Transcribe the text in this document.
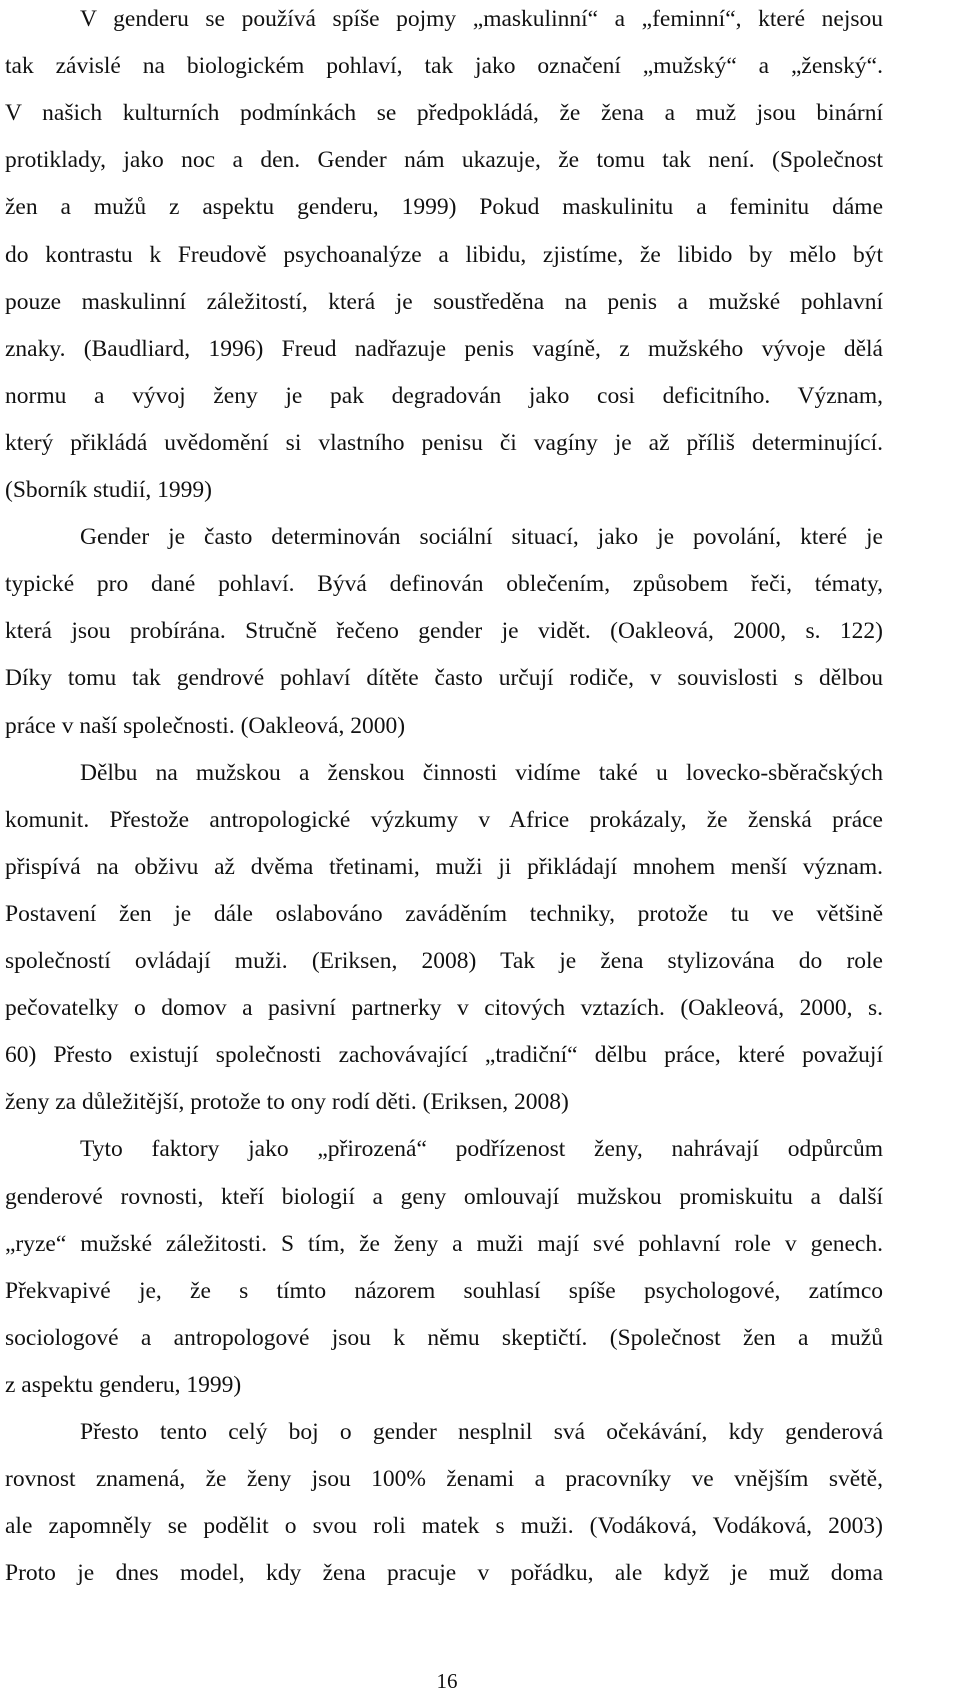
V genderu se používá spíše pojmy „maskulinní“ a „feminní“, které nejsou
tak závislé na biologickém pohlaví, tak jako označení „mužský“ a „ženský“.
V našich kulturních podmínkách se předpokládá, že žena a muž jsou binární
protiklady, jako noc a den. Gender nám ukazuje, že tomu tak není. (Společnost
žen a mužů z aspektu genderu, 1999) Pokud maskulinitu a feminitu dáme
do kontrastu k Freudově psychoanalýze a libidu, zjistíme, že libido by mělo být
pouze maskulinní záležitostí, která je soustředěna na penis a mužské pohlavní
znaky. (Baudliard, 1996) Freud nadřazuje penis vagíně, z mužského vývoje dělá
normu a vývoj ženy je pak degradován jako cosi deficitního. Význam,
který přikládá uvědomění si vlastního penisu či vagíny je až příliš determinující.
(Sborník studií, 1999)
Gender je často determinován sociální situací, jako je povolání, které je
typické pro dané pohlaví. Bývá definován oblečením, způsobem řeči, tématy,
která jsou probírána. Stručně řečeno gender je vidět. (Oakleová, 2000, s. 122)
Díky tomu tak gendrové pohlaví dítěte často určují rodiče, v souvislosti s dělbou
práce v naší společnosti. (Oakleová, 2000)
Dělbu na mužskou a ženskou činnosti vidíme také u lovecko-sběračských
komunit. Přestože antropologické výzkumy v Africe prokázaly, že ženská práce
přispívá na obživu až dvěma třetinami, muži ji přikládají mnohem menší význam.
Postavení žen je dále oslabováno zaváděním techniky, protože tu ve většině
společností ovládají muži. (Eriksen, 2008) Tak je žena stylizována do role
pečovatelky o domov a pasivní partnerky v citových vztazích. (Oakleová, 2000, s.
60) Přesto existují společnosti zachovávající „tradiční“ dělbu práce, které považují
ženy za důležitější, protože to ony rodí děti. (Eriksen, 2008)
Tyto faktory jako „přirozená“ podřízenost ženy, nahrávají odpůrcům
genderové rovnosti, kteří biologií a geny omlouvají mužskou promiskuitu a další
„ryze“ mužské záležitosti. S tím, že ženy a muži mají své pohlavní role v genech.
Překvapivé je, že s tímto názorem souhlasí spíše psychologové, zatímco
sociologové a antropologové jsou k němu skeptičtí. (Společnost žen a mužů
z aspektu genderu, 1999)
Přesto tento celý boj o gender nesplnil svá očekávání, kdy genderová
rovnost znamená, že ženy jsou 100% ženami a pracovníky ve vnějším světě,
ale zapomněly se podělit o svou roli matek s muži. (Vodáková, Vodáková, 2003)
Proto je dnes model, kdy žena pracuje v pořádku, ale když je muž doma
16
